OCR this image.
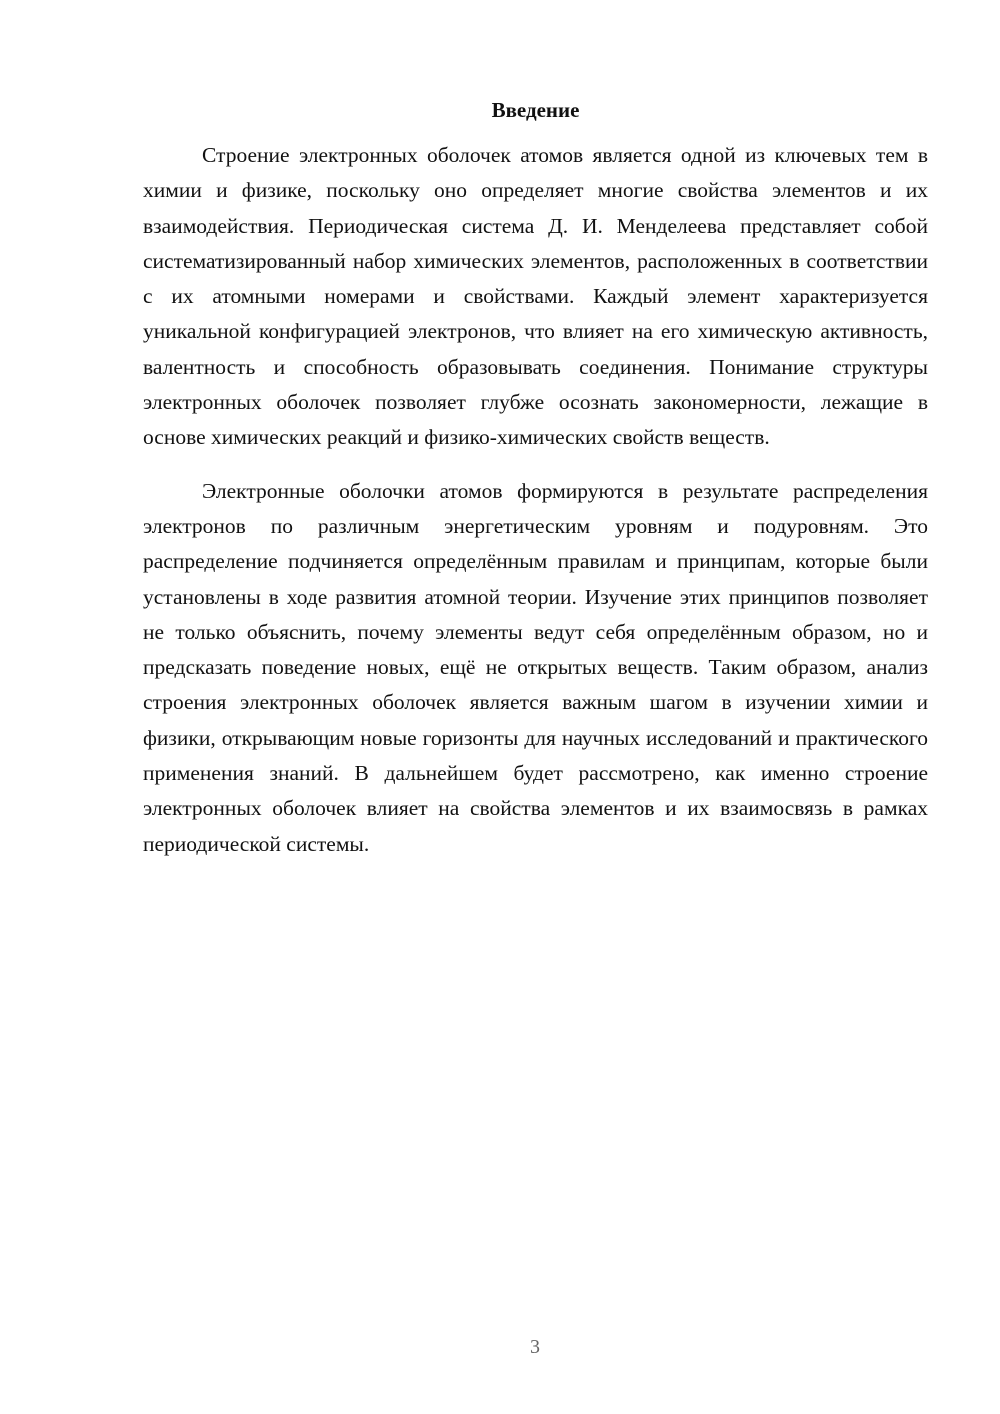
Введение

Строение электронных оболочек атомов является одной из ключевых тем в химии и физике, поскольку оно определяет многие свойства элементов и их взаимодействия. Периодическая система Д. И. Менделеева представляет собой систематизированный набор химических элементов, расположенных в соответствии с их атомными номерами и свойствами. Каждый элемент характеризуется уникальной конфигурацией электронов, что влияет на его химическую активность, валентность и способность образовывать соединения. Понимание структуры электронных оболочек позволяет глубже осознать закономерности, лежащие в основе химических реакций и физико-химических свойств веществ.

Электронные оболочки атомов формируются в результате распределения электронов по различным энергетическим уровням и подуровням. Это распределение подчиняется определённым правилам и принципам, которые были установлены в ходе развития атомной теории. Изучение этих принципов позволяет не только объяснить, почему элементы ведут себя определённым образом, но и предсказать поведение новых, ещё не открытых веществ. Таким образом, анализ строения электронных оболочек является важным шагом в изучении химии и физики, открывающим новые горизонты для научных исследований и практического применения знаний. В дальнейшем будет рассмотрено, как именно строение электронных оболочек влияет на свойства элементов и их взаимосвязь в рамках периодической системы.

3
